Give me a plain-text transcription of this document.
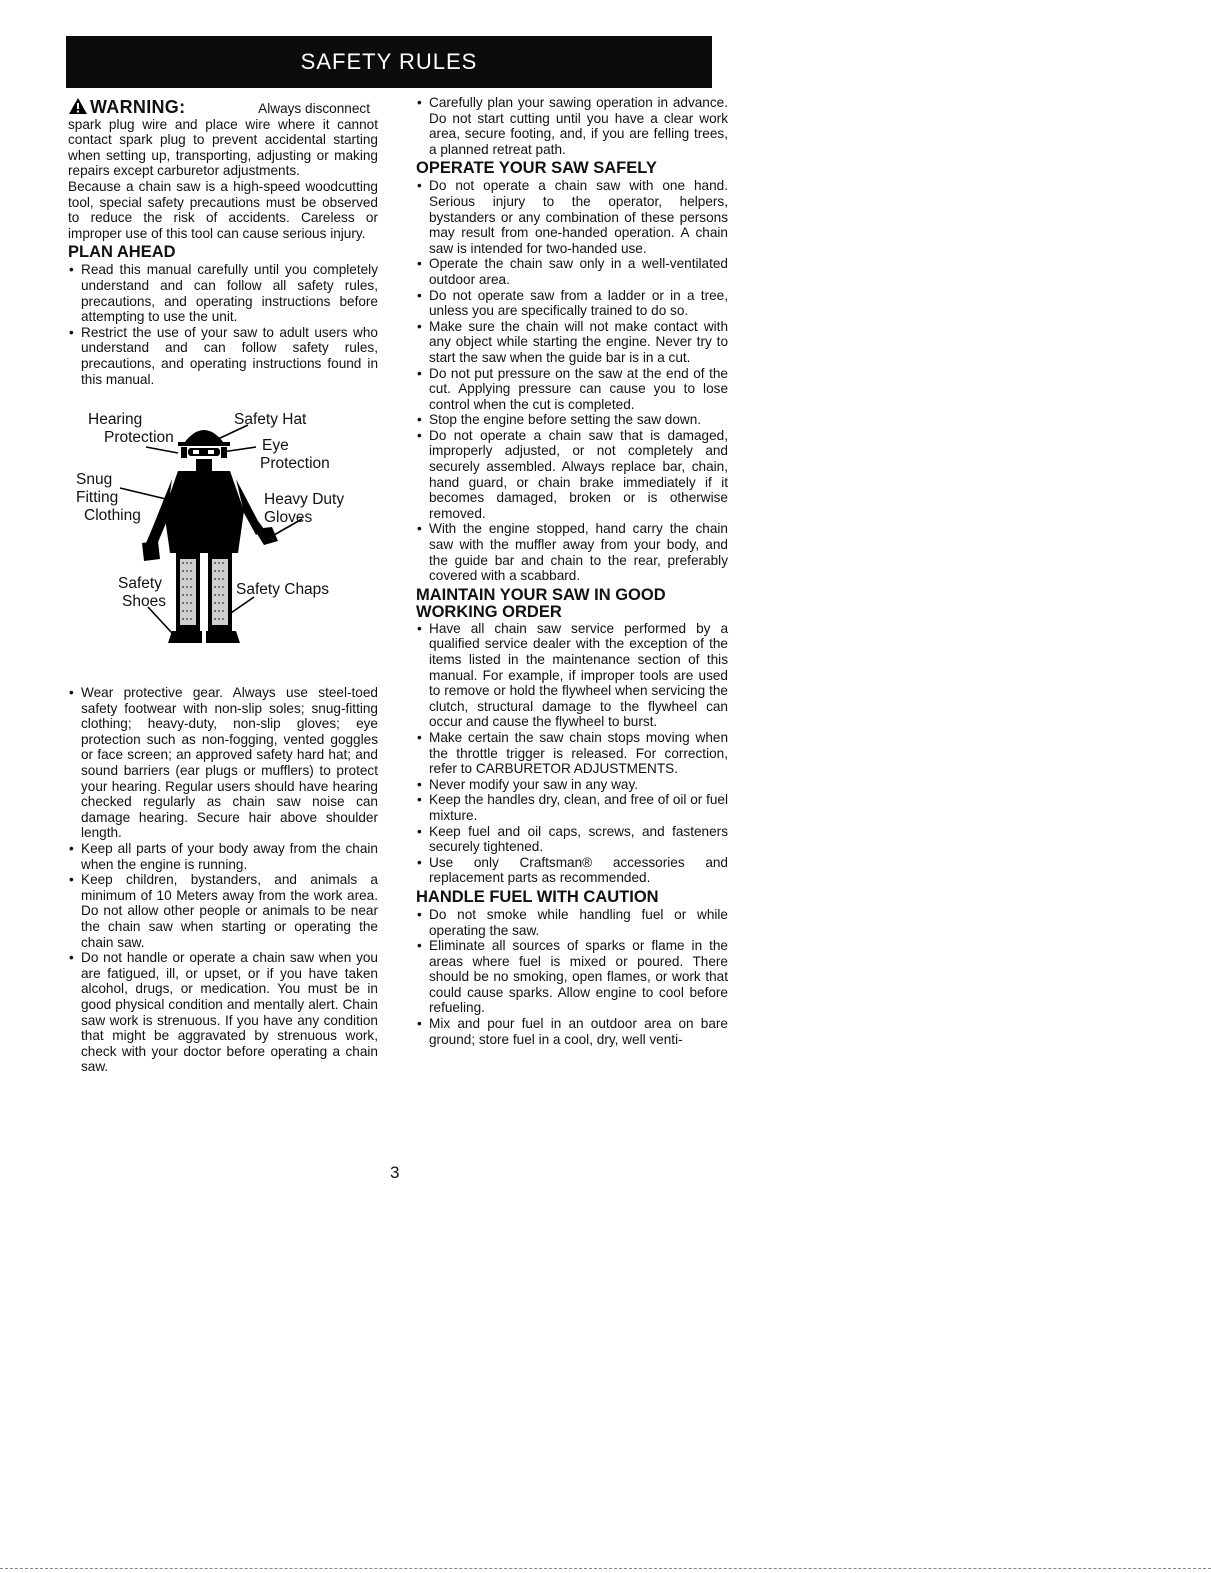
SAFETY RULES
WARNING:	Always disconnect

spark plug wire and place wire where it cannot contact spark plug to prevent accidental starting when setting up, transporting, adjusting or making repairs except carburetor adjustments.

Because a chain saw is a high-speed woodcutting tool, special safety precautions must be observed to reduce the risk of accidents. Careless or improper use of this tool can cause serious injury.

PLAN AHEAD
• Read this manual carefully until you completely understand and can follow all safety rules, precautions, and operating instructions before attempting to use the unit.
• Restrict the use of your saw to adult users who understand and can follow safety rules, precautions, and operating instructions found in this manual.
Hearing
Protection
Safety Hat
Eye
Protection
Snug
Fitting
Clothing
Heavy Duty
Gloves
Safety
Shoes
Safety Chaps
• Wear protective gear. Always use steel-toed safety footwear with non-slip soles; snug-fitting clothing; heavy-duty, non-slip gloves; eye protection such as non-fogging, vented goggles or face screen; an approved safety hard hat; and sound barriers (ear plugs or mufflers) to protect your hearing. Regular users should have hearing checked regularly as chain saw noise can damage hearing. Secure hair above shoulder length.
• Keep all parts of your body away from the chain when the engine is running.
• Keep children, bystanders, and animals a minimum of 10 Meters away from the work area. Do not allow other people or animals to be near the chain saw when starting or operating the chain saw.
• Do not handle or operate a chain saw when you are fatigued, ill, or upset, or if you have taken alcohol, drugs, or medication. You must be in good physical condition and mentally alert. Chain saw work is strenuous. If you have any condition that might be aggravated by strenuous work, check with your doctor before operating a chain saw.
• Carefully plan your sawing operation in advance. Do not start cutting until you have a clear work area, secure footing, and, if you are felling trees, a planned retreat path.
OPERATE YOUR SAW SAFELY
• Do not operate a chain saw with one hand. Serious injury to the operator, helpers, bystanders or any combination of these persons may result from one-handed operation. A chain saw is intended for two-handed use.
• Operate the chain saw only in a well-ventilated outdoor area.
• Do not operate saw from a ladder or in a tree, unless you are specifically trained to do so.
• Make sure the chain will not make contact with any object while starting the engine. Never try to start the saw when the guide bar is in a cut.
• Do not put pressure on the saw at the end of the cut. Applying pressure can cause you to lose control when the cut is completed.
• Stop the engine before setting the saw down.
• Do not operate a chain saw that is damaged, improperly adjusted, or not completely and securely assembled. Always replace bar, chain, hand guard, or chain brake immediately if it becomes damaged, broken or is otherwise removed.
• With the engine stopped, hand carry the chain saw with the muffler away from your body, and the guide bar and chain to the rear, preferably covered with a scabbard.
MAINTAIN YOUR SAW IN GOOD
WORKING ORDER
• Have all chain saw service performed by a qualified service dealer with the exception of the items listed in the maintenance section of this manual. For example, if improper tools are used to remove or hold the flywheel when servicing the clutch, structural damage to the flywheel can occur and cause the flywheel to burst.
• Make certain the saw chain stops moving when the throttle trigger is released. For correction, refer to CARBURETOR ADJUSTMENTS.
• Never modify your saw in any way.
• Keep the handles dry, clean, and free of oil or fuel mixture.
• Keep fuel and oil caps, screws, and fasteners securely tightened.
• Use only Craftsman® accessories and replacement parts as recommended.
HANDLE FUEL WITH CAUTION
• Do not smoke while handling fuel or while operating the saw.
• Eliminate all sources of sparks or flame in the areas where fuel is mixed or poured. There should be no smoking, open flames, or work that could cause sparks. Allow engine to cool before refueling.
• Mix and pour fuel in an outdoor area on bare ground; store fuel in a cool, dry, well venti-
3
